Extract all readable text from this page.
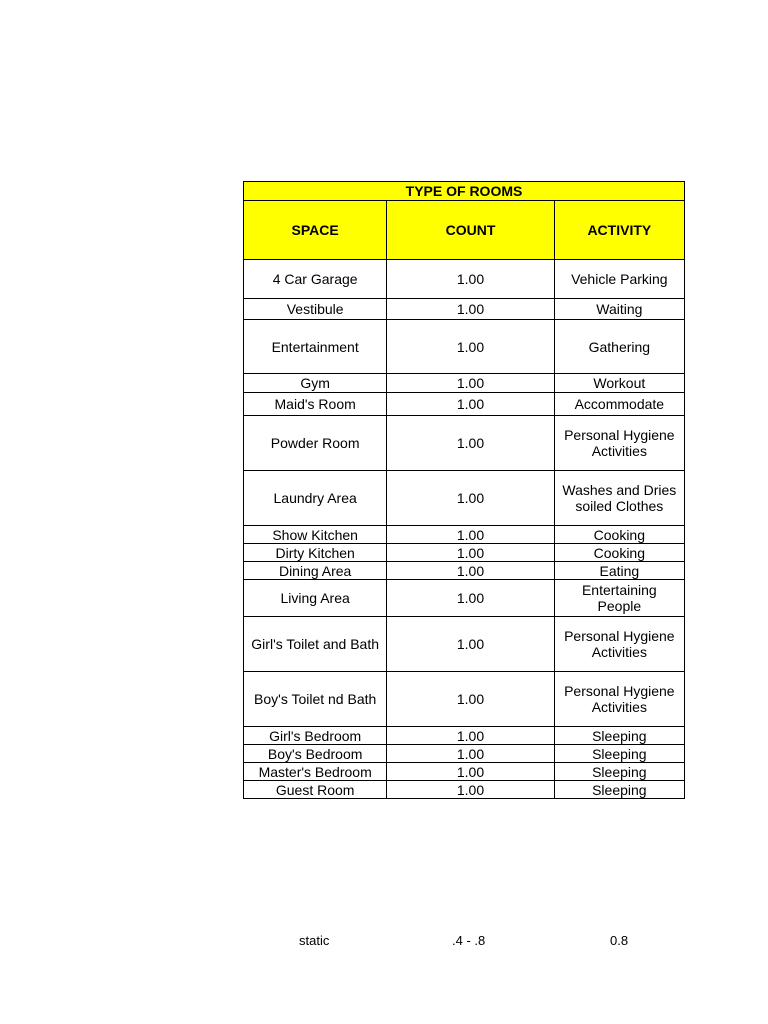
TYPE OF ROOMS		
SPACE	COUNT	ACTIVITY
4 Car Garage	1.00	Vehicle Parking
Vestibule	1.00	Waiting
Entertainment	1.00	Gathering
Gym	1.00	Workout
Maid's Room	1.00	Accommodate
Powder Room	1.00	Personal Hygiene Activities
Laundry Area	1.00	Washes and Dries soiled Clothes
Show Kitchen	1.00	Cooking
Dirty Kitchen	1.00	Cooking
Dining Area	1.00	Eating
Living Area	1.00	Entertaining People
Girl's Toilet and Bath	1.00	Personal Hygiene Activities
Boy's Toilet nd Bath	1.00	Personal Hygiene Activities
Girl's Bedroom	1.00	Sleeping
Boy's Bedroom	1.00	Sleeping
Master's Bedroom	1.00	Sleeping
Guest Room	1.00	Sleeping
static	.4 - .8	0.8
